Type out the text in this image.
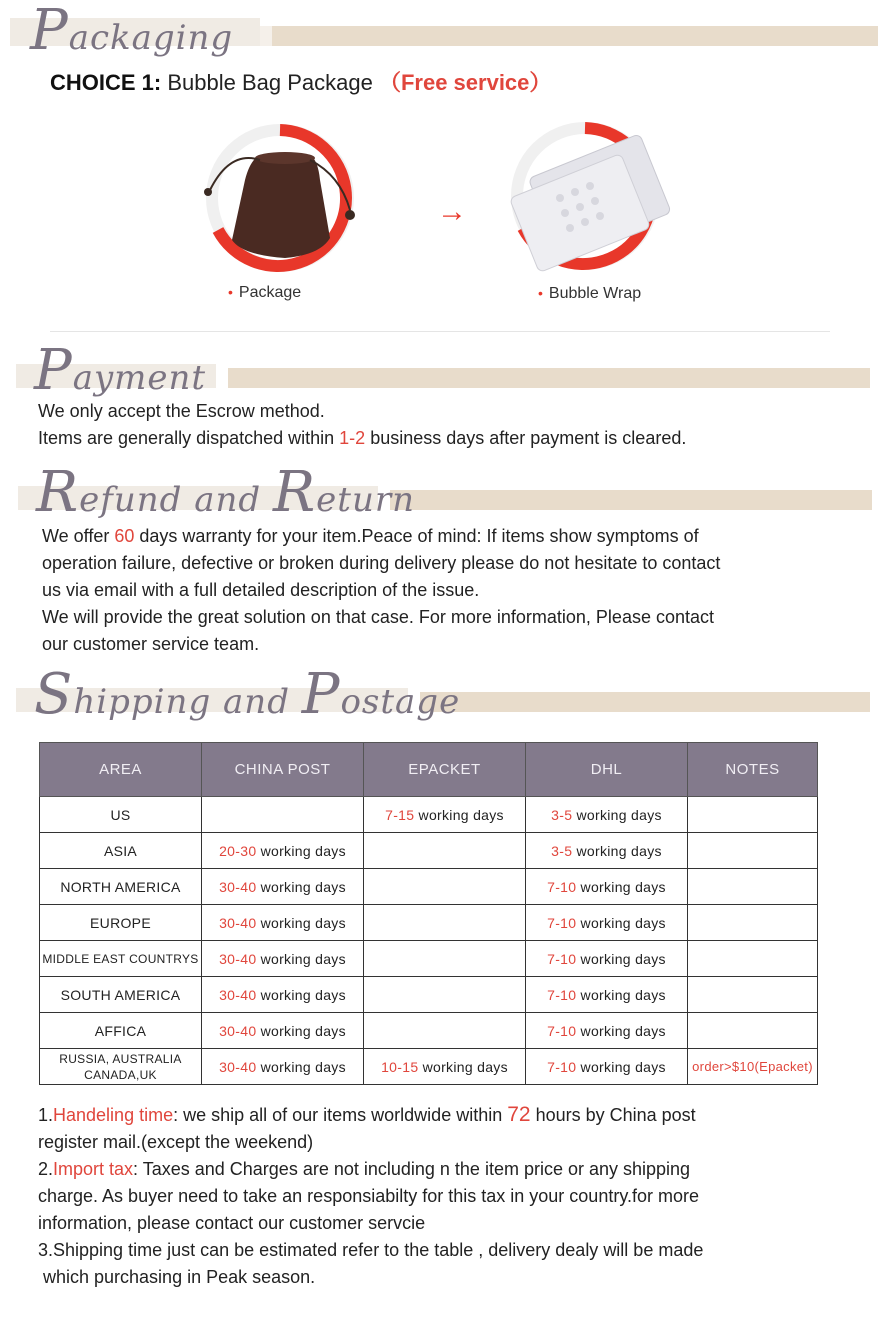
Packaging
CHOICE 1: Bubble Bag Package （Free service）
• Package
→
• Bubble Wrap
Payment
We only accept the Escrow method.
Items are generally dispatched within 1-2 business days after payment is cleared.
Refund and Return
We offer 60 days warranty for your item.Peace of mind: If items show symptoms of
operation failure, defective or broken during delivery please do not hesitate to contact
us via email with a full detailed description of the issue.
We will provide the great solution on that case. For more information, Please contact
our customer service team.
Shipping and Postage
AREA	CHINA POST	EPACKET	DHL	NOTES
US		7-15 working days	3-5 working days	
ASIA	20-30 working days		3-5 working days	
NORTH AMERICA	30-40 working days		7-10 working days	
EUROPE	30-40 working days		7-10 working days	
MIDDLE EAST COUNTRYS	30-40 working days		7-10 working days	
SOUTH AMERICA	30-40 working days		7-10 working days	
AFFICA	30-40 working days		7-10 working days	

RUSSIA, AUSTRALIA
CANADA,UK	30-40 working days	10-15 working days	7-10 working days	order>$10(Epacket)
1.Handeling time: we ship all of our items worldwide within 72 hours by China post
register mail.(except the weekend)
2.Import tax: Taxes and Charges are not including n the item price or any shipping
charge. As buyer need to take an responsiabilty for this tax in your country.for more
information, please contact our customer servcie
3.Shipping time just can be estimated refer to the table , delivery dealy will be made
which purchasing in Peak season.
